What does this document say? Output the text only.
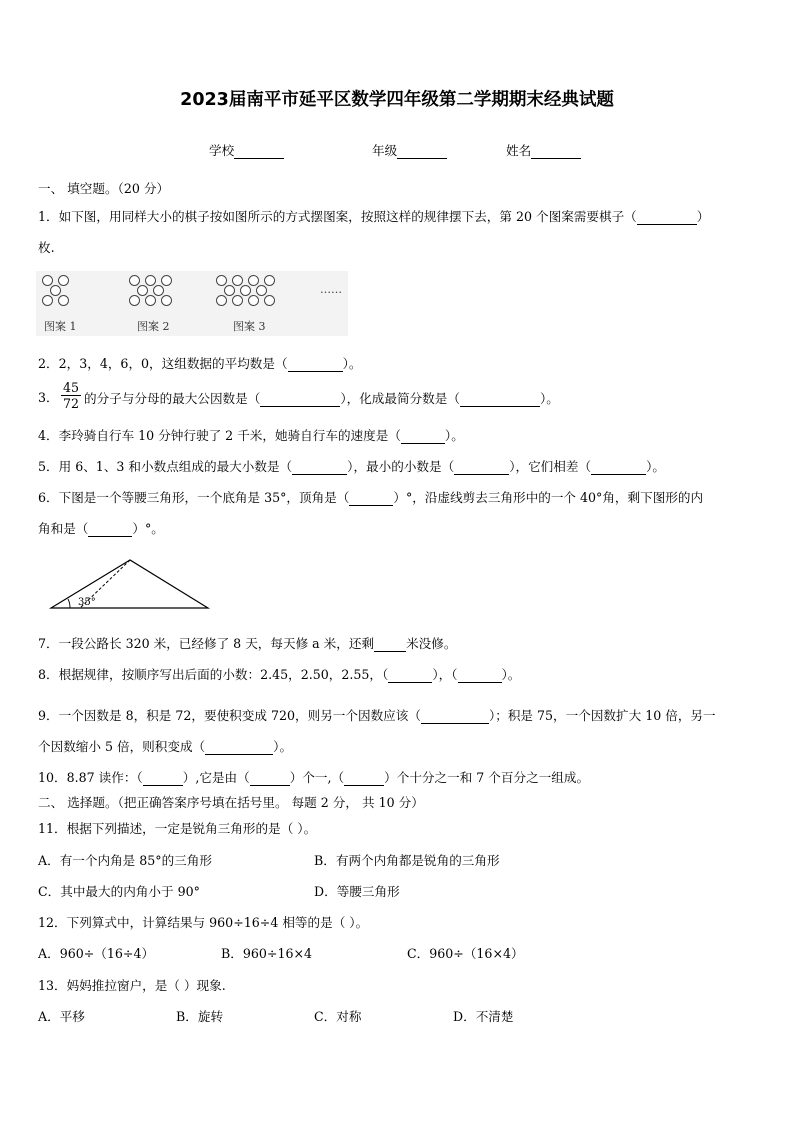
2023届南平市延平区数学四年级第二学期期末经典试题
学校	年级	姓名
一、 填空题。（20 分）
1．如下图，用同样大小的棋子按如图所示的方式摆图案，按照这样的规律摆下去，第 20 个图案需要棋子（	）
枚.
……
图案 1	图案 2	图案 3
2．2，3，4，6，0，这组数据的平均数是（	）。
3． $\frac{45}{72}$ 的分子与分母的最大公因数是（	），化成最简分数是（	）。
4．李玲骑自行车 10 分钟行驶了 2 千米，她骑自行车的速度是（	）。
5．用 6、1、3 和小数点组成的最大小数是（	），最小的小数是（	），它们相差（	）。
6．下图是一个等腰三角形，一个底角是 35°，顶角是（	）°，沿虚线剪去三角形中的一个 40°角，剩下图形的内
角和是（	）°。
35°
7．一段公路长 320 米，已经修了 8 天，每天修 a 米，还剩	米没修。
8．根据规律，按顺序写出后面的小数：2.45，2.50，2.55，（	），（	）。
9．一个因数是 8，积是 72，要使积变成 720，则另一个因数应该（	）；积是 75，一个因数扩大 10 倍，另一
个因数缩小 5 倍，则积变成（	）。
10．8.87 读作：（	）,它是由（	）个一,（	）个十分之一和 7 个百分之一组成。
二、 选择题。（把正确答案序号填在括号里。 每题 2 分， 共 10 分）
11．根据下列描述，一定是锐角三角形的是（ ）。
A．有一个内角是 85°的三角形	B．有两个内角都是锐角的三角形
C．其中最大的内角小于 90°	D．等腰三角形
12．下列算式中，计算结果与 960÷16÷4 相等的是（ ）。
A．960÷（16÷4）	B．960÷16×4	C．960÷（16×4）
13．妈妈推拉窗户，是（ ）现象.
A．平移	B．旋转	C．对称	D．不清楚
